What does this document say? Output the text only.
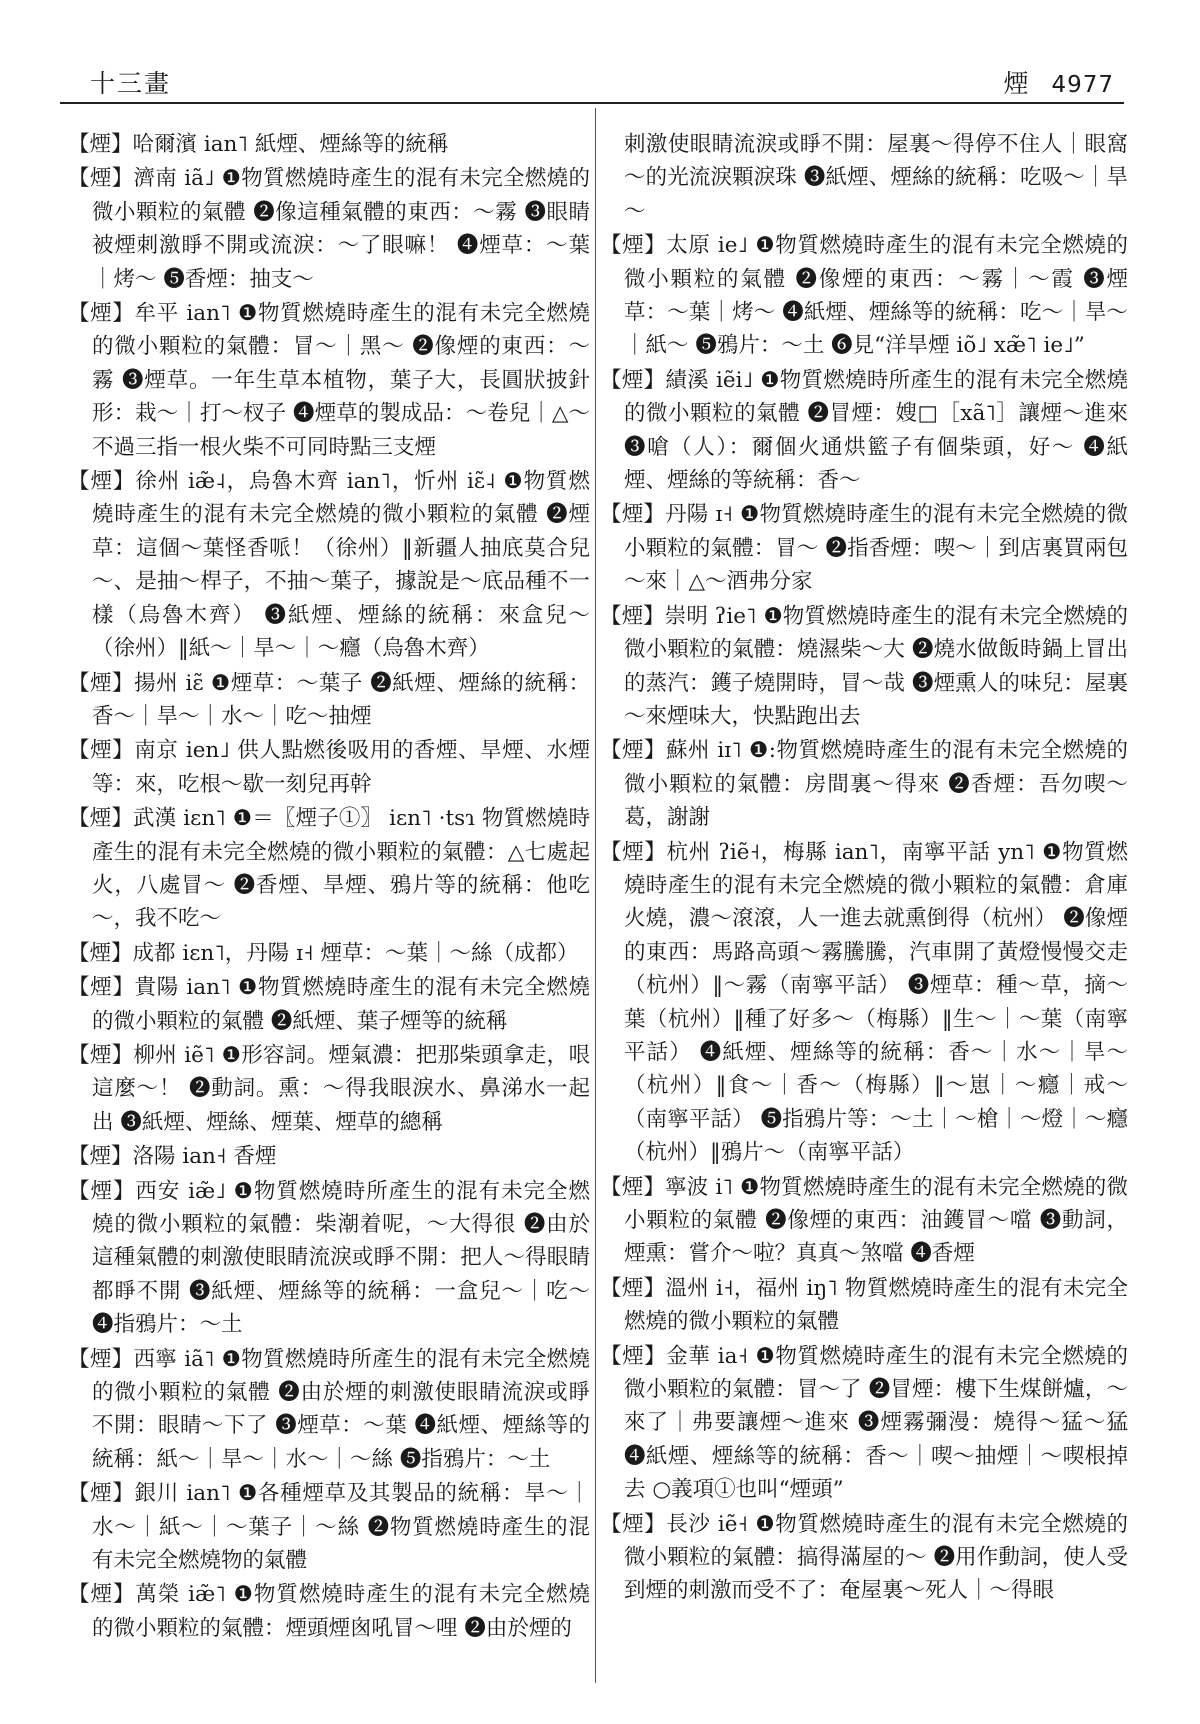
十三畫	煙 4977

【煙】哈爾濱 ian˥ 紙煙、煙絲等的統稱

【煙】濟南 iã˩ ❶物質燃燒時產生的混有未完全燃燒的微小顆粒的氣體 ❷像這種氣體的東西：～霧 ❸眼睛被煙刺激睜不開或流淚：～了眼嘛！ ❹煙草：～葉｜烤～ ❺香煙：抽支～

【煙】牟平 ian˥ ❶物質燃燒時產生的混有未完全燃燒的微小顆粒的氣體：冒～｜黑～ ❷像煙的東西：～霧 ❸煙草。一年生草本植物，葉子大，長圓狀披針形：栽～｜打～杈子 ❹煙草的製成品：～卷兒｜△～不過三指一根火柴不可同時點三支煙

【煙】徐州 iæ̃˨，烏魯木齊 ian˥，忻州 iɛ̃˨ ❶物質燃燒時產生的混有未完全燃燒的微小顆粒的氣體 ❷煙草：這個～葉怪香哌！（徐州）‖新疆人抽底莫合兒～、是抽～桿子，不抽～葉子，據說是～底品種不一樣（烏魯木齊） ❸紙煙、煙絲的統稱：來盒兒～（徐州）‖紙～｜旱～｜～癮（烏魯木齊）

【煙】揚州 iɛ̃ ❶煙草：～葉子 ❷紙煙、煙絲的統稱：香～｜旱～｜水～｜吃～抽煙

【煙】南京 ien˩ 供人點燃後吸用的香煙、旱煙、水煙等：來，吃根～歇一刻兒再幹

【煙】武漢 iɛn˥ ❶＝〖煙子①〗 iɛn˥ ·tsɿ 物質燃燒時產生的混有未完全燃燒的微小顆粒的氣體：△七處起火，八處冒～ ❷香煙、旱煙、鴉片等的統稱：他吃～，我不吃～

【煙】成都 iɛn˥，丹陽 ɪ˧ 煙草：～葉｜～絲（成都）

【煙】貴陽 ian˥ ❶物質燃燒時產生的混有未完全燃燒的微小顆粒的氣體 ❷紙煙、葉子煙等的統稱

【煙】柳州 iẽ˥ ❶形容詞。煙氣濃：把那柴頭拿走，哏這麼～！ ❷動詞。熏：～得我眼淚水、鼻涕水一起出 ❸紙煙、煙絲、煙葉、煙草的總稱

【煙】洛陽 ian˧ 香煙

【煙】西安 iæ̃˩ ❶物質燃燒時所產生的混有未完全燃燒的微小顆粒的氣體：柴潮着呢，～大得很 ❷由於這種氣體的刺激使眼睛流淚或睜不開：把人～得眼睛都睜不開 ❸紙煙、煙絲等的統稱：一盒兒～｜吃～ ❹指鴉片：～土

【煙】西寧 iã˥ ❶物質燃燒時所產生的混有未完全燃燒的微小顆粒的氣體 ❷由於煙的刺激使眼睛流淚或睜不開：眼睛～下了 ❸煙草：～葉 ❹紙煙、煙絲等的統稱：紙～｜旱～｜水～｜～絲 ❺指鴉片：～土

【煙】銀川 ian˥ ❶各種煙草及其製品的統稱：旱～｜水～｜紙～｜～葉子｜～絲 ❷物質燃燒時產生的混有未完全燃燒物的氣體

【煙】萬榮 iæ̃˥ ❶物質燃燒時產生的混有未完全燃燒的微小顆粒的氣體：煙頭煙囪吼冒～哩 ❷由於煙的

刺激使眼睛流淚或睜不開：屋裏～得停不住人｜眼窩～的光流淚顆淚珠 ❸紙煙、煙絲的統稱：吃吸～｜旱～

【煙】太原 ie˩ ❶物質燃燒時產生的混有未完全燃燒的微小顆粒的氣體 ❷像煙的東西：～霧｜～霞 ❸煙草：～葉｜烤～ ❹紙煙、煙絲等的統稱：吃～｜旱～｜紙～ ❺鴉片：～土 ❻見“洋旱煙 iõ˩ xæ̃˥ ie˩”

【煙】績溪 iẽi˩ ❶物質燃燒時所產生的混有未完全燃燒的微小顆粒的氣體 ❷冒煙：嫂□［xã˥］讓煙～進來 ❸嗆（人）：爾個火通烘籃子有個柴頭，好～ ❹紙煙、煙絲的等統稱：香～

【煙】丹陽 ɪ˧ ❶物質燃燒時產生的混有未完全燃燒的微小顆粒的氣體：冒～ ❷指香煙：喫～｜到店裏買兩包～來｜△～酒弗分家

【煙】崇明 ʔie˥ ❶物質燃燒時產生的混有未完全燃燒的微小顆粒的氣體：燒濕柴～大 ❷燒水做飯時鍋上冒出的蒸汽：鑊子燒開時，冒～哉 ❸煙熏人的味兒：屋裏～來煙味大，快點跑出去

【煙】蘇州 iɪ˥ ❶:物質燃燒時產生的混有未完全燃燒的微小顆粒的氣體：房間裏～得來 ❷香煙：吾勿喫～葛，謝謝

【煙】杭州 ʔiẽ˧，梅縣 ian˥，南寧平話 yn˥ ❶物質燃燒時產生的混有未完全燃燒的微小顆粒的氣體：倉庫火燒，濃～滾滾，人一進去就熏倒得（杭州） ❷像煙的東西：馬路高頭～霧騰騰，汽車開了黃燈慢慢交走（杭州）‖～霧（南寧平話） ❸煙草：種～草，摘～葉（杭州）‖種了好多～（梅縣）‖生～｜～葉（南寧平話） ❹紙煙、煙絲等的統稱：香～｜水～｜旱～（杭州）‖食～｜香～（梅縣）‖～崽｜～癮｜戒～（南寧平話） ❺指鴉片等：～土｜～槍｜～燈｜～癮（杭州）‖鴉片～（南寧平話）

【煙】寧波 i˥ ❶物質燃燒時產生的混有未完全燃燒的微小顆粒的氣體 ❷像煙的東西：油鑊冒～噹 ❸動詞，煙熏：嘗介～啦？真真～煞噹 ❹香煙

【煙】溫州 i˧，福州 iŋ˥ 物質燃燒時產生的混有未完全燃燒的微小顆粒的氣體

【煙】金華 ia˧ ❶物質燃燒時產生的混有未完全燃燒的微小顆粒的氣體：冒～了 ❷冒煙：樓下生煤餅爐，～來了｜弗要讓煙～進來 ❸煙霧彌漫：燒得～猛～猛 ❹紙煙、煙絲等的統稱：香～｜喫～抽煙｜～喫根掉去 ○義項①也叫“煙頭”

【煙】長沙 iẽ˧ ❶物質燃燒時產生的混有未完全燃燒的微小顆粒的氣體：搞得滿屋的～ ❷用作動詞，使人受到煙的刺激而受不了：奄屋裏～死人｜～得眼
